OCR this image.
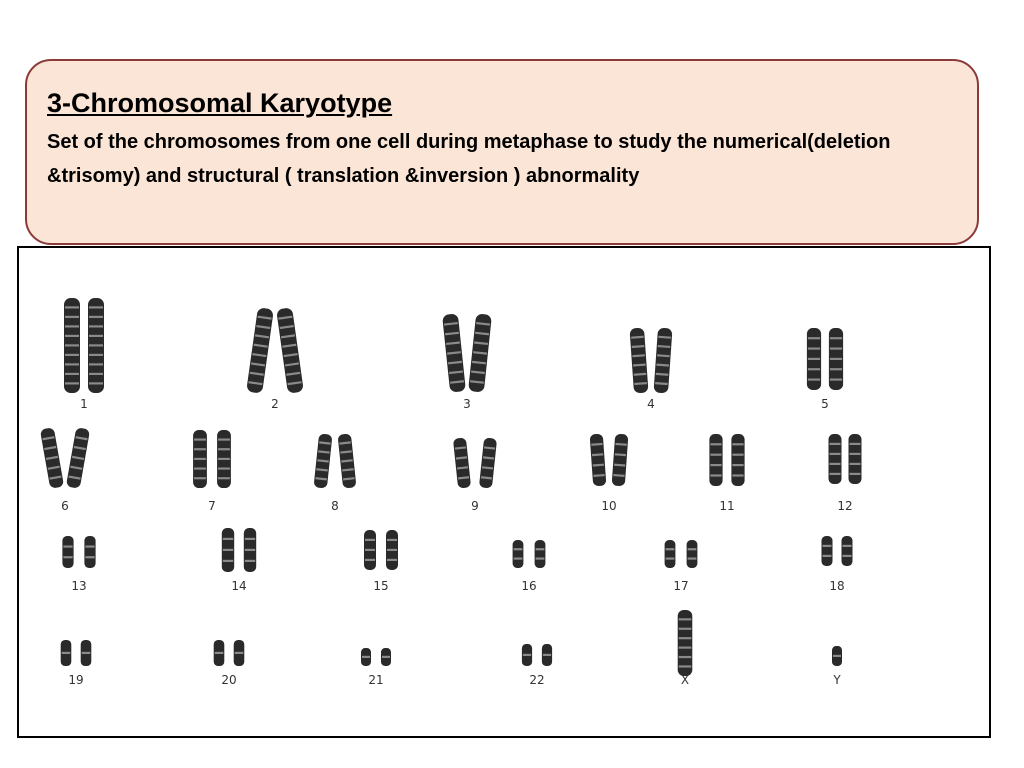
3-Chromosomal Karyotype

Set of the chromosomes from one cell during metaphase to study the numerical(deletion &trisomy) and structural ( translation &inversion ) abnormality

1	2	3	4	5
6	7	8	9	10	11	12
13	14	15	16	17	18
19	20	21	22	X	Y
